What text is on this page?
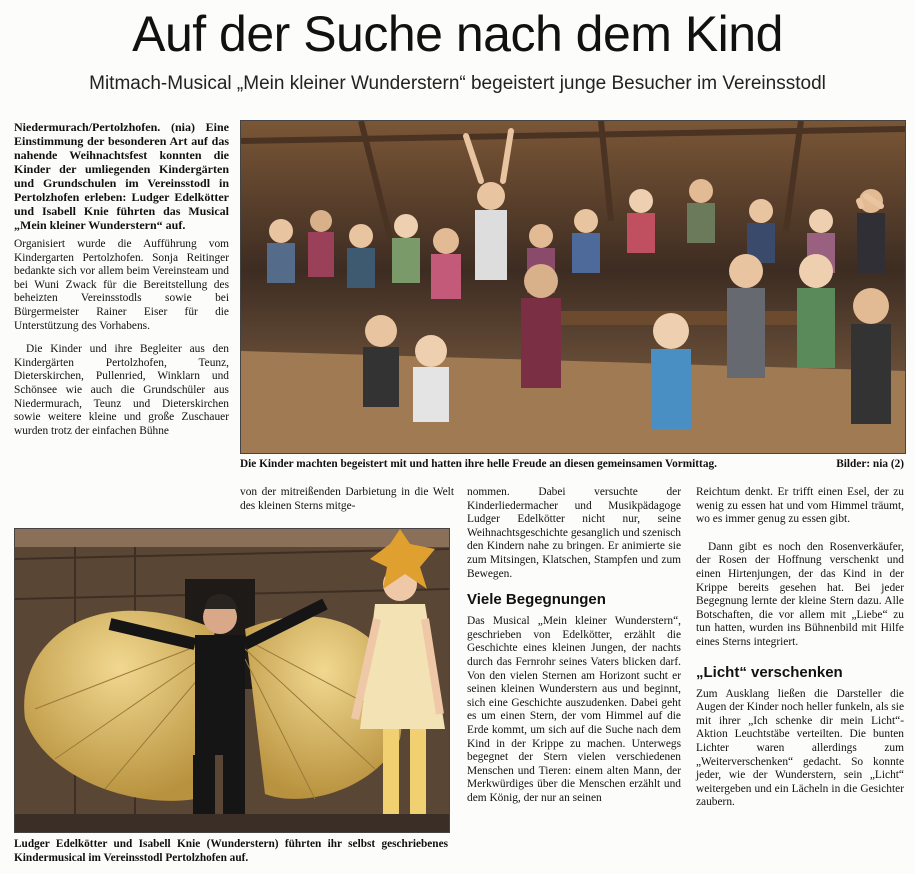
Auf der Suche nach dem Kind
Mitmach-Musical „Mein kleiner Wunderstern“ begeistert junge Besucher im Vereinsstodl

Niedermurach/Pertolzhofen. (nia) Eine Einstimmung der besonderen Art auf das nahende Weihnachtsfest konnten die Kinder der umliegenden Kindergärten und Grundschulen im Vereinsstodl in Pertolzhofen erleben: Ludger Edelkötter und Isabell Knie führten das Musical „Mein kleiner Wunderstern“ auf.

Organisiert wurde die Aufführung vom Kindergarten Pertolzhofen. Sonja Reitinger bedankte sich vor allem beim Vereinsteam und bei Wuni Zwack für die Bereitstellung des beheizten Vereinsstodls sowie bei Bürgermeister Rainer Eiser für die Unterstützung des Vorhabens.

Die Kinder und ihre Begleiter aus den Kindergärten Pertolzhofen, Teunz, Dieterskirchen, Pullenried, Winklarn und Schönsee wie auch die Grundschüler aus Niedermurach, Teunz und Dieterskirchen sowie weitere kleine und große Zuschauer wurden trotz der einfachen Bühne

Die Kinder machten begeistert mit und hatten ihre helle Freude an diesen gemeinsamen Vormittag.	Bilder: nia (2)

von der mitreißenden Darbietung in die Welt des kleinen Sterns mitge-

Ludger Edelkötter und Isabell Knie (Wunderstern) führten ihr selbst geschriebenes Kindermusical im Vereinsstodl Pertolzhofen auf.

nommen. Dabei versuchte der Kinderliedermacher und Musikpädagoge Ludger Edelkötter nicht nur, seine Weihnachtsgeschichte gesanglich und szenisch den Kindern nahe zu bringen. Er animierte sie zum Mitsingen, Klatschen, Stampfen und zum Bewegen.

Viele Begegnungen

Das Musical „Mein kleiner Wunderstern“, geschrieben von Edelkötter, erzählt die Geschichte eines kleinen Jungen, der nachts durch das Fernrohr seines Vaters blicken darf. Von den vielen Sternen am Horizont sucht er seinen kleinen Wunderstern aus und beginnt, sich eine Geschichte auszudenken. Dabei geht es um einen Stern, der vom Himmel auf die Erde kommt, um sich auf die Suche nach dem Kind in der Krippe zu machen. Unterwegs begegnet der Stern vielen verschiedenen Menschen und Tieren: einem alten Mann, der Merkwürdiges über die Menschen erzählt und dem König, der nur an seinen

Reichtum denkt. Er trifft einen Esel, der zu wenig zu essen hat und vom Himmel träumt, wo es immer genug zu essen gibt.

Dann gibt es noch den Rosenverkäufer, der Rosen der Hoffnung verschenkt und einen Hirtenjungen, der das Kind in der Krippe bereits gesehen hat. Bei jeder Begegnung lernte der kleine Stern dazu. Alle Botschaften, die vor allem mit „Liebe“ zu tun hatten, wurden ins Bühnenbild mit Hilfe eines Sterns integriert.

„Licht“ verschenken

Zum Ausklang ließen die Darsteller die Augen der Kinder noch heller funkeln, als sie mit ihrer „Ich schenke dir mein Licht“-Aktion Leuchtstäbe verteilten. Die bunten Lichter waren allerdings zum „Weiterverschenken“ gedacht. So konnte jeder, wie der Wunderstern, sein „Licht“ weitergeben und ein Lächeln in die Gesichter zaubern.
